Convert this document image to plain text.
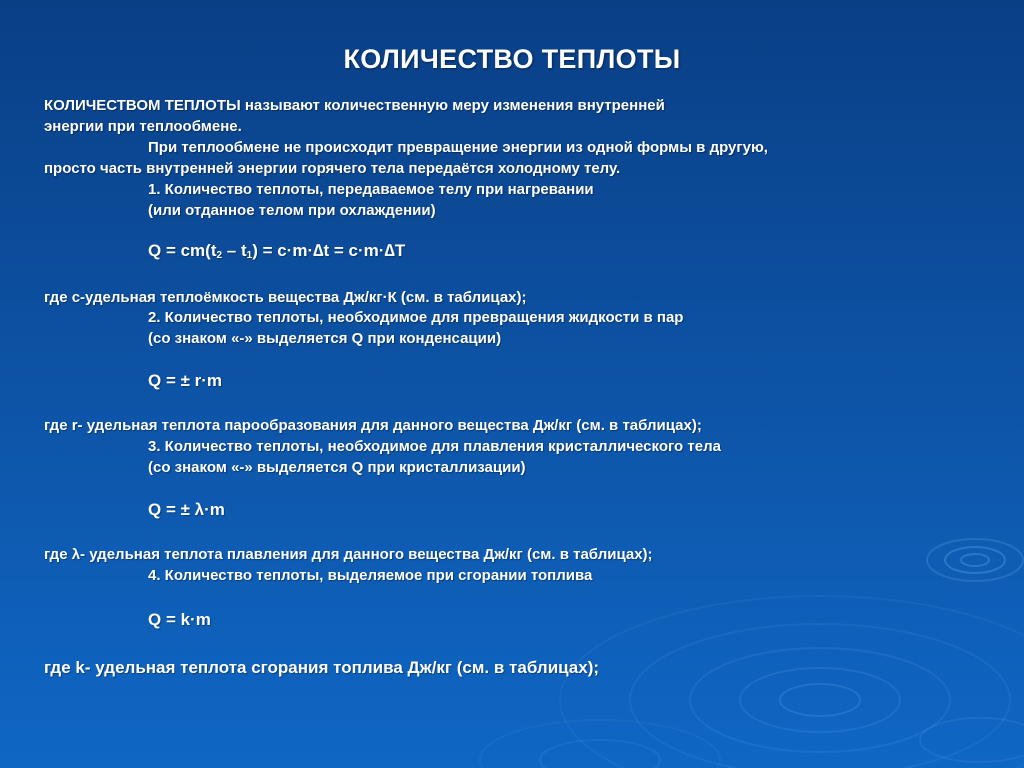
КОЛИЧЕСТВО ТЕПЛОТЫ
КОЛИЧЕСТВОМ ТЕПЛОТЫ называют количественную меру изменения внутренней
энергии при теплообмене.
При теплообмене не происходит превращение энергии из одной формы в другую,
просто часть внутренней энергии горячего тела передаётся холодному телу.
1. Количество теплоты, передаваемое телу при нагревании
(или отданное телом при охлаждении)
$Q = cm(t_2 - t_1) = c\cdot m\cdot\Delta t = c\cdot m\cdot\Delta T$
где с-удельная теплоёмкость вещества Дж/кг·К (см. в таблицах);
2. Количество теплоты, необходимое для превращения жидкости в пар
(со знаком «-» выделяется Q при конденсации)
Q = ± r·m
где r- удельная теплота парообразования для данного вещества Дж/кг (см. в таблицах);
3. Количество теплоты, необходимое для плавления кристаллического тела
(со знаком «-» выделяется Q при кристаллизации)
Q = ± λ·m
где λ- удельная теплота плавления для данного вещества Дж/кг (см. в таблицах);
4. Количество теплоты, выделяемое при сгорании топлива
Q = k·m
где k- удельная теплота сгорания топлива Дж/кг (см. в таблицах);
